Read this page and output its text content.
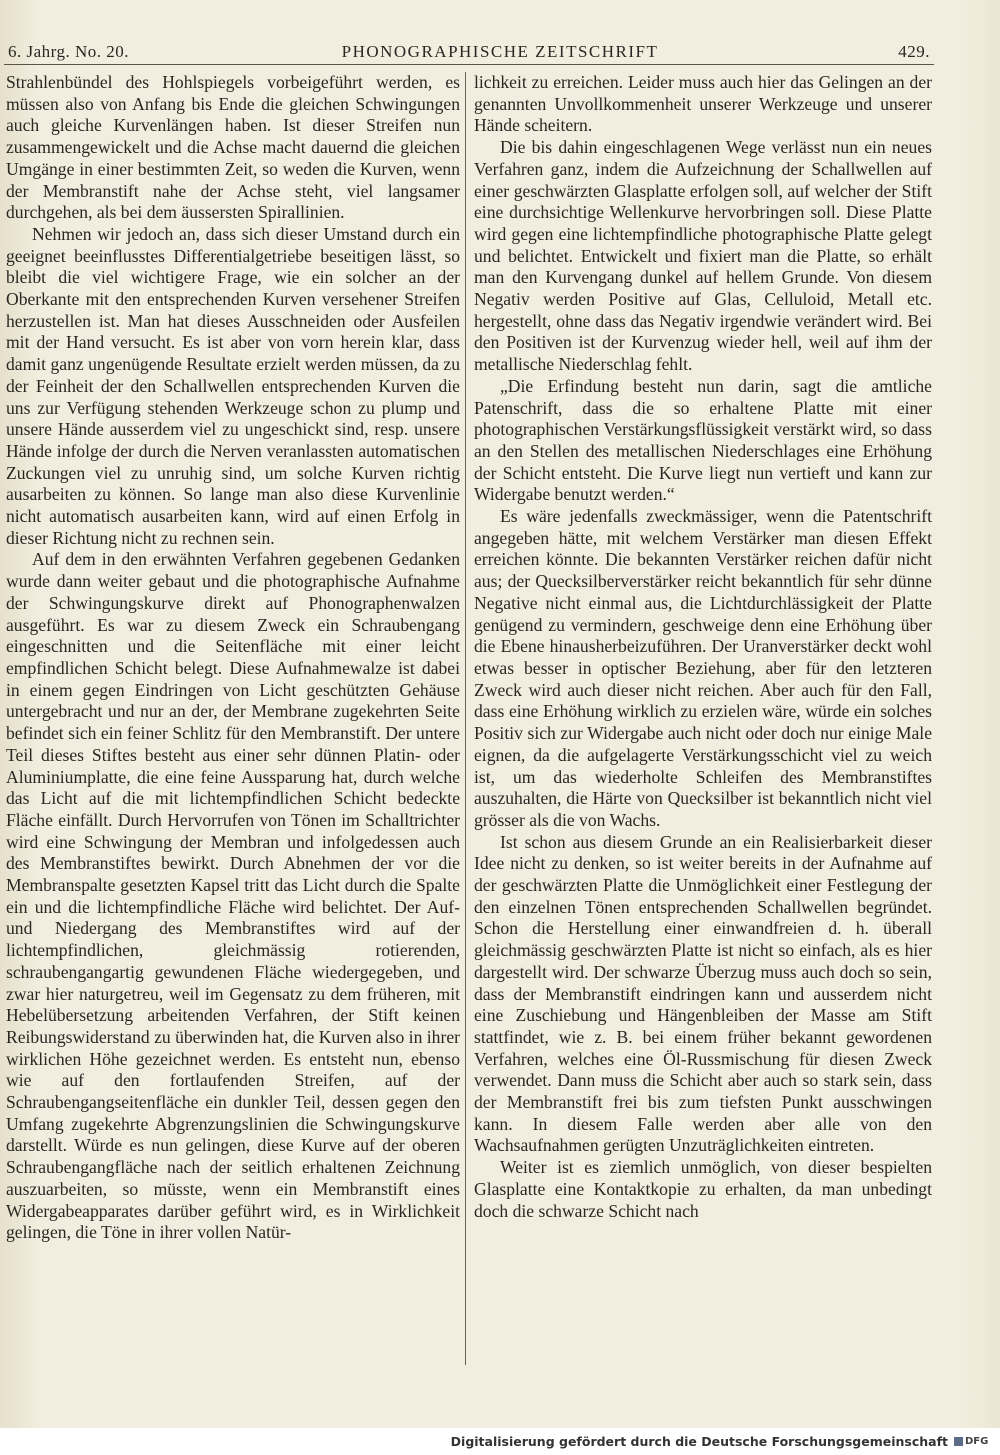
6. Jahrg. No. 20.	PHONOGRAPHISCHE ZEITSCHRIFT	429.

Strahlenbündel des Hohlspiegels vorbeigeführt werden, es müssen also von Anfang bis Ende die gleichen Schwingungen auch gleiche Kurvenlängen haben. Ist dieser Streifen nun zusammengewickelt und die Achse macht dauernd die gleichen Umgänge in einer bestimmten Zeit, so weden die Kurven, wenn der Membranstift nahe der Achse steht, viel langsamer durchgehen, als bei dem äussersten Spirallinien.

Nehmen wir jedoch an, dass sich dieser Umstand durch ein geeignet beeinflusstes Differentialgetriebe beseitigen lässt, so bleibt die viel wichtigere Frage, wie ein solcher an der Oberkante mit den entsprechenden Kurven versehener Streifen herzustellen ist. Man hat dieses Ausschneiden oder Ausfeilen mit der Hand versucht. Es ist aber von vorn herein klar, dass damit ganz ungenügende Resultate erzielt werden müssen, da zu der Feinheit der den Schallwellen entsprechenden Kurven die uns zur Verfügung stehenden Werkzeuge schon zu plump und unsere Hände ausserdem viel zu ungeschickt sind, resp. unsere Hände infolge der durch die Nerven veranlassten automatischen Zuckungen viel zu unruhig sind, um solche Kurven richtig ausarbeiten zu können. So lange man also diese Kurvenlinie nicht automatisch ausarbeiten kann, wird auf einen Erfolg in dieser Richtung nicht zu rechnen sein.

Auf dem in den erwähnten Verfahren gegebenen Gedanken wurde dann weiter gebaut und die photographische Aufnahme der Schwingungskurve direkt auf Phonographenwalzen ausgeführt. Es war zu diesem Zweck ein Schraubengang eingeschnitten und die Seitenfläche mit einer leicht empfindlichen Schicht belegt. Diese Aufnahmewalze ist dabei in einem gegen Eindringen von Licht geschützten Gehäuse untergebracht und nur an der, der Membrane zugekehrten Seite befindet sich ein feiner Schlitz für den Membranstift. Der untere Teil dieses Stiftes besteht aus einer sehr dünnen Platin- oder Aluminiumplatte, die eine feine Aussparung hat, durch welche das Licht auf die mit lichtempfindlichen Schicht bedeckte Fläche einfällt. Durch Hervorrufen von Tönen im Schalltrichter wird eine Schwingung der Membran und infolgedessen auch des Membranstiftes bewirkt. Durch Abnehmen der vor die Membranspalte gesetzten Kapsel tritt das Licht durch die Spalte ein und die lichtempfindliche Fläche wird belichtet. Der Auf- und Niedergang des Membranstiftes wird auf der lichtempfindlichen, gleichmässig rotierenden, schraubengangartig gewundenen Fläche wiedergegeben, und zwar hier naturgetreu, weil im Gegensatz zu dem früheren, mit Hebelübersetzung arbeitenden Verfahren, der Stift keinen Reibungswiderstand zu überwinden hat, die Kurven also in ihrer wirklichen Höhe gezeichnet werden. Es entsteht nun, ebenso wie auf den fortlaufenden Streifen, auf der Schraubengangseitenfläche ein dunkler Teil, dessen gegen den Umfang zugekehrte Abgrenzungslinien die Schwingungskurve darstellt. Würde es nun gelingen, diese Kurve auf der oberen Schraubengangfläche nach der seitlich erhaltenen Zeichnung auszuarbeiten, so müsste, wenn ein Membranstift eines Widergabeapparates darüber geführt wird, es in Wirklichkeit gelingen, die Töne in ihrer vollen Natür-

lichkeit zu erreichen. Leider muss auch hier das Gelingen an der genannten Unvollkommenheit unserer Werkzeuge und unserer Hände scheitern.

Die bis dahin eingeschlagenen Wege verlässt nun ein neues Verfahren ganz, indem die Aufzeichnung der Schallwellen auf einer geschwärzten Glasplatte erfolgen soll, auf welcher der Stift eine durchsichtige Wellenkurve hervorbringen soll. Diese Platte wird gegen eine lichtempfindliche photographische Platte gelegt und belichtet. Entwickelt und fixiert man die Platte, so erhält man den Kurvengang dunkel auf hellem Grunde. Von diesem Negativ werden Positive auf Glas, Celluloid, Metall etc. hergestellt, ohne dass das Negativ irgendwie verändert wird. Bei den Positiven ist der Kurvenzug wieder hell, weil auf ihm der metallische Niederschlag fehlt.

„Die Erfindung besteht nun darin, sagt die amtliche Patenschrift, dass die so erhaltene Platte mit einer photographischen Verstärkungsflüssigkeit verstärkt wird, so dass an den Stellen des metallischen Niederschlages eine Erhöhung der Schicht entsteht. Die Kurve liegt nun vertieft und kann zur Widergabe benutzt werden.“

Es wäre jedenfalls zweckmässiger, wenn die Patentschrift angegeben hätte, mit welchem Verstärker man diesen Effekt erreichen könnte. Die bekannten Verstärker reichen dafür nicht aus; der Quecksilberverstärker reicht bekanntlich für sehr dünne Negative nicht einmal aus, die Lichtdurchlässigkeit der Platte genügend zu vermindern, geschweige denn eine Erhöhung über die Ebene hinausherbeizuführen. Der Uranverstärker deckt wohl etwas besser in optischer Beziehung, aber für den letzteren Zweck wird auch dieser nicht reichen. Aber auch für den Fall, dass eine Erhöhung wirklich zu erzielen wäre, würde ein solches Positiv sich zur Widergabe auch nicht oder doch nur einige Male eignen, da die aufgelagerte Verstärkungsschicht viel zu weich ist, um das wiederholte Schleifen des Membranstiftes auszuhalten, die Härte von Quecksilber ist bekanntlich nicht viel grösser als die von Wachs.

Ist schon aus diesem Grunde an ein Realisierbarkeit dieser Idee nicht zu denken, so ist weiter bereits in der Aufnahme auf der geschwärzten Platte die Unmöglichkeit einer Festlegung der den einzelnen Tönen entsprechenden Schallwellen begründet. Schon die Herstellung einer einwandfreien d. h. überall gleichmässig geschwärzten Platte ist nicht so einfach, als es hier dargestellt wird. Der schwarze Überzug muss auch doch so sein, dass der Membranstift eindringen kann und ausserdem nicht eine Zuschiebung und Hängenbleiben der Masse am Stift stattfindet, wie z. B. bei einem früher bekannt gewordenen Verfahren, welches eine Öl-Russmischung für diesen Zweck verwendet. Dann muss die Schicht aber auch so stark sein, dass der Membranstift frei bis zum tiefsten Punkt ausschwingen kann. In diesem Falle werden aber alle von den Wachsaufnahmen gerügten Unzuträglichkeiten eintreten.

Weiter ist es ziemlich unmöglich, von dieser bespielten Glasplatte eine Kontaktkopie zu erhalten, da man unbedingt doch die schwarze Schicht nach

Digitalisierung gefördert durch die Deutsche Forschungsgemeinschaft DFG
